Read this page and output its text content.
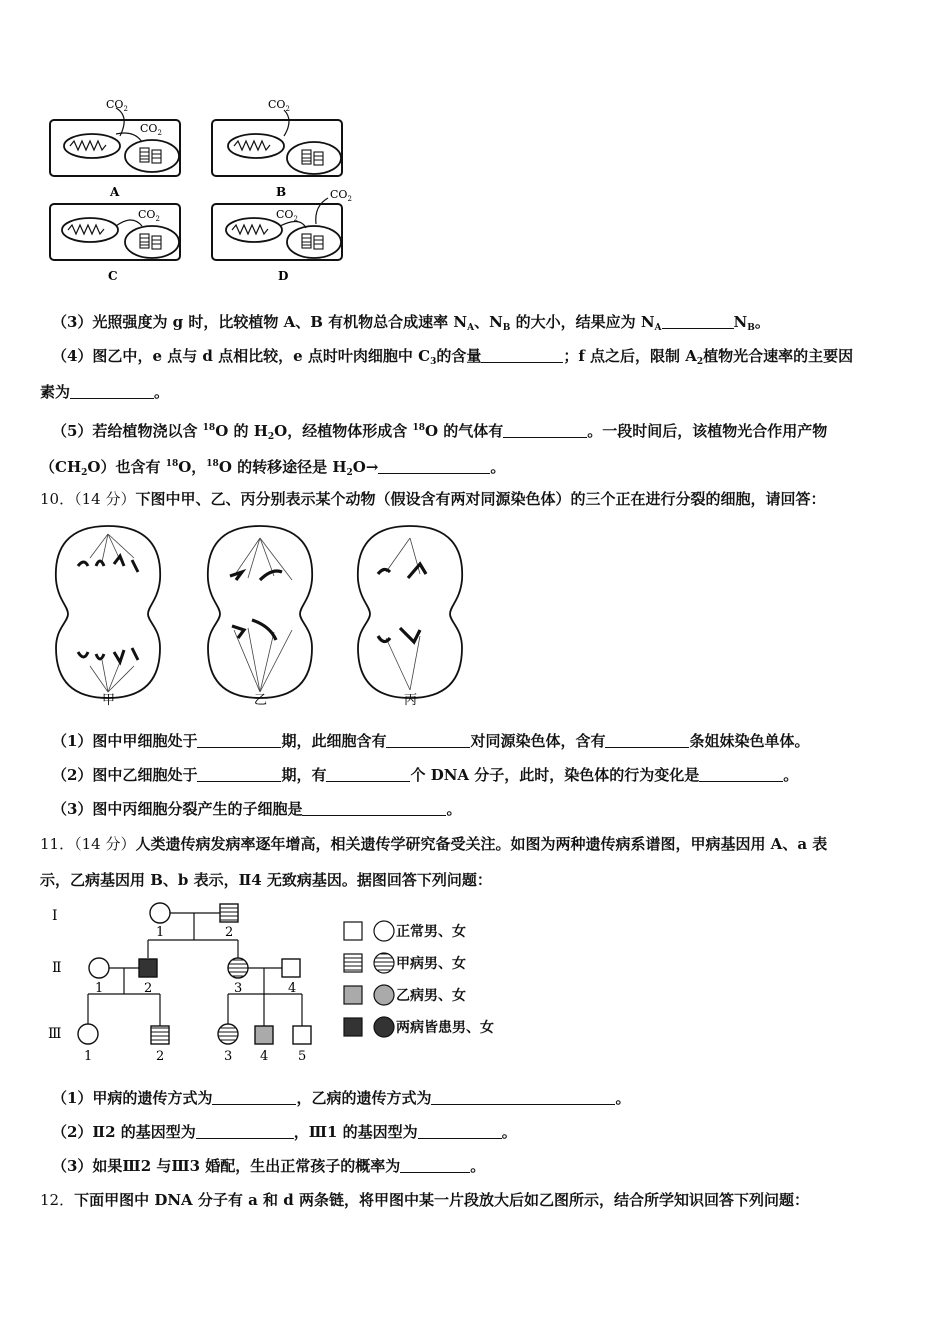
$CO_2$
$CO_2$
A
$CO_2$
B
$CO_2$
C
$CO_2$
$CO_2$
D
（3）光照强度为 g 时，比较植物 A、B 有机物总合成速率 $N_A$、$N_B$ 的大小，结果应为 $N_A$	$N_B$。
（4）图乙中，e 点与 d 点相比较，e 点时叶肉细胞中 $C_3$的含量	；f 点之后，限制 $A_2$植物光合速率的主要因
素为	。
（5）若给植物浇以含 $^{18}$O 的 $H_2O$，经植物体形成含 $^{18}$O 的气体有	。一段时间后，该植物光合作用产物
$(CH_2O)$也含有 $^{18}$O，$^{18}$O 的转移途径是 $H_2O\to$	。
10．（14 分）下图中甲、乙、丙分别表示某个动物（假设含有两对同源染色体）的三个正在进行分裂的细胞，请回答：
甲	乙	丙
（1）图中甲细胞处于	期，此细胞含有	对同源染色体，含有	条姐妹染色单体。
（2）图中乙细胞处于	期，有	个 DNA 分子，此时，染色体的行为变化是	。
（3）图中丙细胞分裂产生的子细胞是	。
11．（14 分）人类遗传病发病率逐年增高，相关遗传学研究备受关注。如图为两种遗传病系谱图，甲病基因用 A、a 表
示，乙病基因用 B、b 表示，Ⅱ4 无致病基因。据图回答下列问题：
Ⅰ
Ⅱ
Ⅲ
1	2
1	2	3	4
1	2	3 4 5
正常男、女
甲病男、女
乙病男、女
两病皆患男、女
（1）甲病的遗传方式为	，乙病的遗传方式为	。
（2）Ⅱ2 的基因型为	，Ⅲ1 的基因型为	。
（3）如果Ⅲ2 与Ⅲ3 婚配，生出正常孩子的概率为	。
12．下面甲图中 DNA 分子有 a 和 d 两条链，将甲图中某一片段放大后如乙图所示，结合所学知识回答下列问题：
